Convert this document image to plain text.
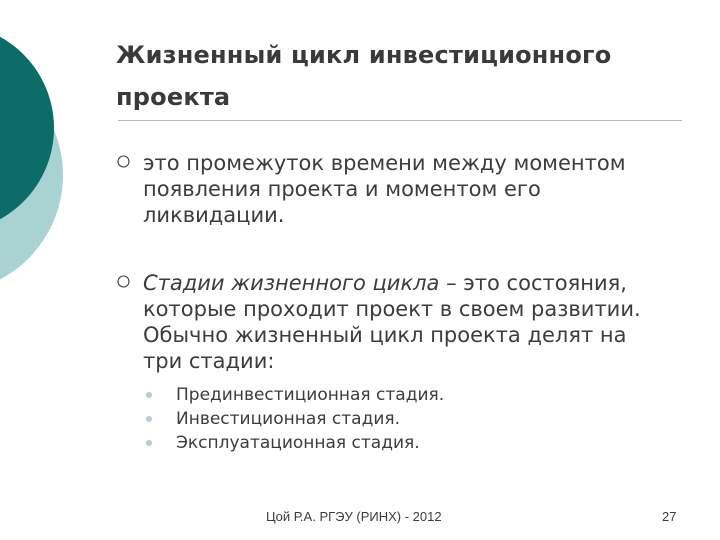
Жизненный цикл инвестиционного проекта
это промежуток времени между моментом появления проекта и моментом его ликвидации.
Стадии жизненного цикла – это состояния, которые проходит проект в своем развитии. Обычно жизненный цикл проекта делят на три стадии:
Прединвестиционная стадия.
Инвестиционная стадия.
Эксплуатационная стадия.
Цой Р.А. РГЭУ (РИНХ) - 2012	27
